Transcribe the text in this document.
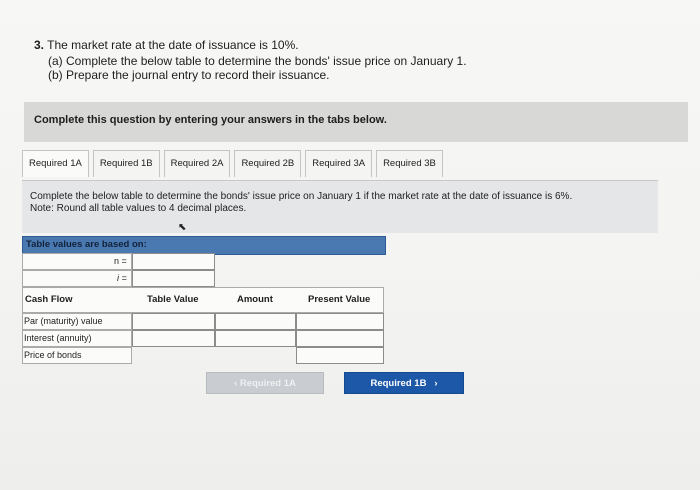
3. The market rate at the date of issuance is 10%.
(a) Complete the below table to determine the bonds' issue price on January 1.
(b) Prepare the journal entry to record their issuance.
Complete this question by entering your answers in the tabs below.
Required 1A	Required 1B	Required 2A	Required 2B	Required 3A	Required 3B
Complete the below table to determine the bonds' issue price on January 1 if the market rate at the date of issuance is 6%.
Note: Round all table values to 4 decimal places.
⬉
Table values are based on:
n =
i =
Cash Flow	Table Value	Amount	Present Value
Par (maturity) value
Interest (annuity)
Price of bonds
‹ Required 1A	Required 1B ›
